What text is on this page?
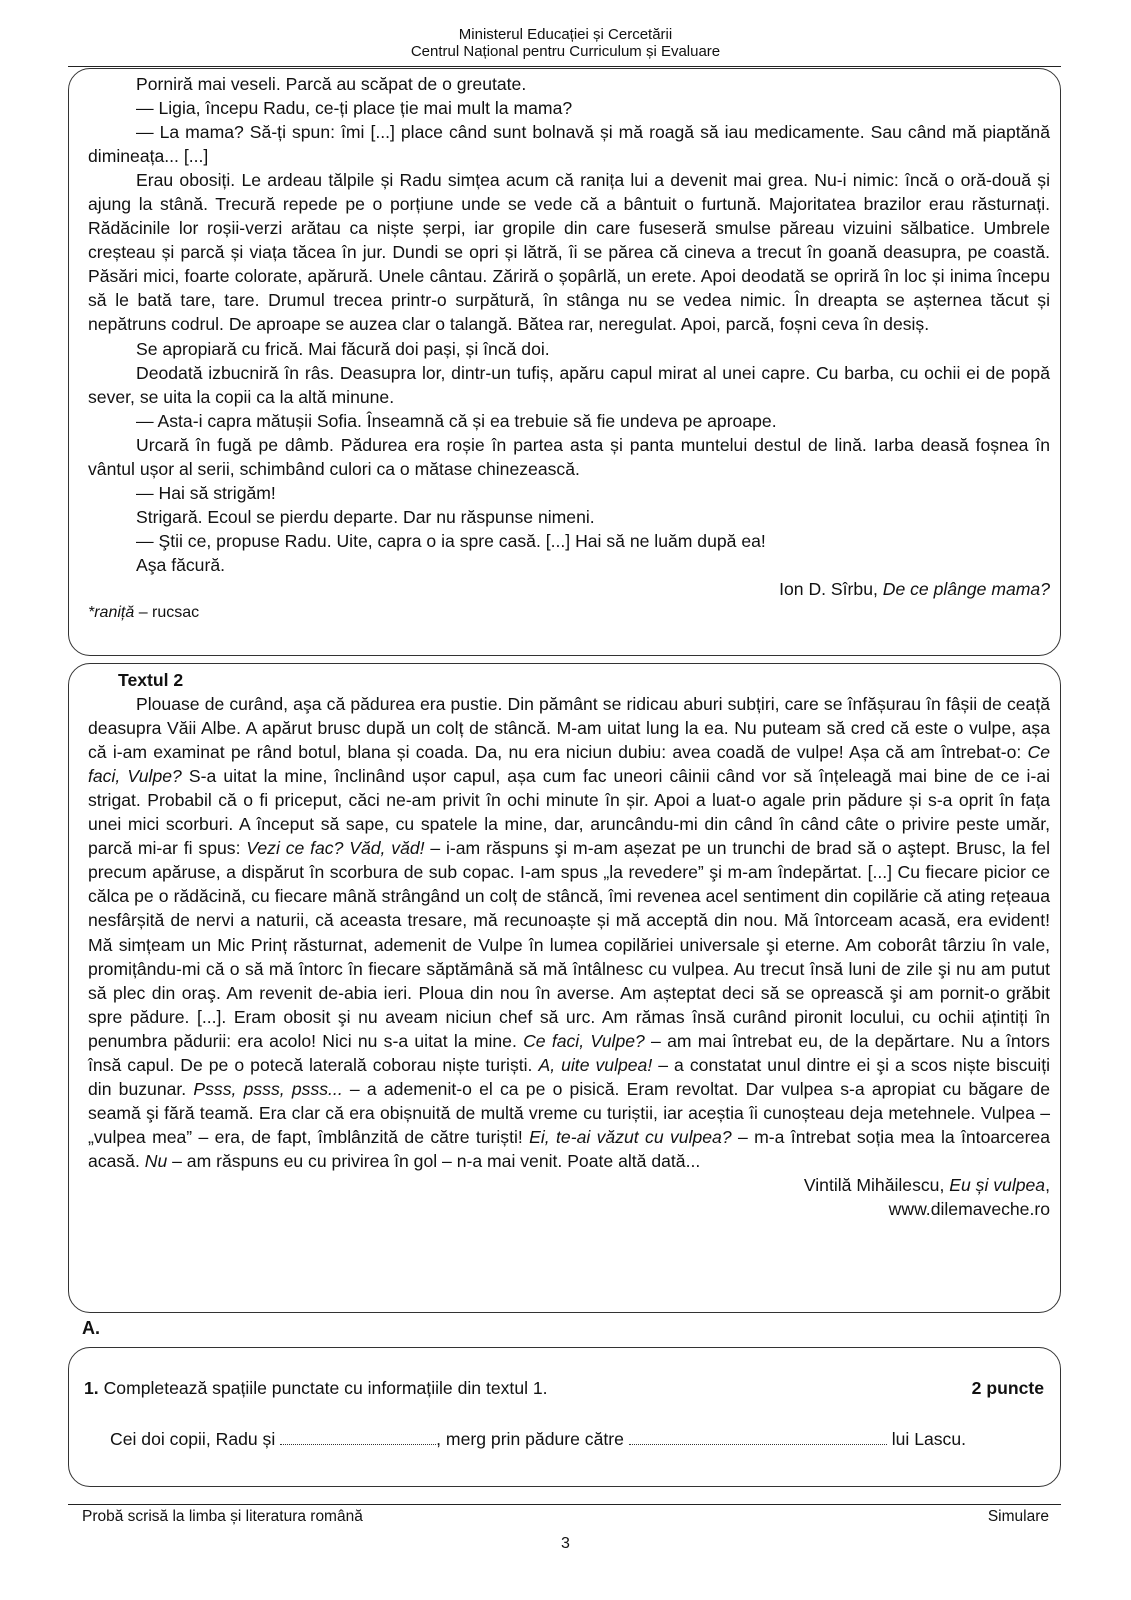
Ministerul Educației și Cercetării
Centrul Național pentru Curriculum și Evaluare

Porniră mai veseli. Parcă au scăpat de o greutate.

— Ligia, începu Radu, ce-ți place ție mai mult la mama?

— La mama? Să-ți spun: îmi [...] place când sunt bolnavă și mă roagă să iau medicamente. Sau când mă piaptănă dimineața... [...]

Erau obosiți. Le ardeau tălpile și Radu simțea acum că ranița lui a devenit mai grea. Nu-i nimic: încă o oră-două și ajung la stână. Trecură repede pe o porțiune unde se vede că a bântuit o furtună. Majoritatea brazilor erau răsturnați. Rădăcinile lor roșii-verzi arătau ca niște șerpi, iar gropile din care fuseseră smulse păreau vizuini sălbatice. Umbrele creșteau și parcă și viața tăcea în jur. Dundi se opri și lătră, îi se părea că cineva a trecut în goană deasupra, pe coastă. Păsări mici, foarte colorate, apărură. Unele cântau. Zăriră o șopârlă, un erete. Apoi deodată se opriră în loc și inima începu să le bată tare, tare. Drumul trecea printr-o surpătură, în stânga nu se vedea nimic. În dreapta se așternea tăcut și nepătruns codrul. De aproape se auzea clar o talangă. Bătea rar, neregulat. Apoi, parcă, foșni ceva în desiș.

Se apropiară cu frică. Mai făcură doi pași, și încă doi.

Deodată izbucniră în râs. Deasupra lor, dintr-un tufiș, apăru capul mirat al unei capre. Cu barba, cu ochii ei de popă sever, se uita la copii ca la altă minune.

— Asta-i capra mătușii Sofia. Înseamnă că și ea trebuie să fie undeva pe aproape.

Urcară în fugă pe dâmb. Pădurea era roșie în partea asta și panta muntelui destul de lină. Iarba deasă foșnea în vântul ușor al serii, schimbând culori ca o mătase chinezească.

— Hai să strigăm!

Strigară. Ecoul se pierdu departe. Dar nu răspunse nimeni.

— Ştii ce, propuse Radu. Uite, capra o ia spre casă. [...] Hai să ne luăm după ea!

Aşa făcură.

Ion D. Sîrbu, De ce plânge mama?

*raniță – rucsac

Textul 2

Plouase de curând, aşa că pădurea era pustie. Din pământ se ridicau aburi subțiri, care se înfășurau în fâșii de ceață deasupra Văii Albe. A apărut brusc după un colț de stâncă. M-am uitat lung la ea. Nu puteam să cred că este o vulpe, așa că i-am examinat pe rând botul, blana și coada. Da, nu era niciun dubiu: avea coadă de vulpe! Așa că am întrebat-o: Ce faci, Vulpe? S-a uitat la mine, înclinând ușor capul, așa cum fac uneori câinii când vor să înțeleagă mai bine de ce i-ai strigat. Probabil că o fi priceput, căci ne-am privit în ochi minute în șir. Apoi a luat-o agale prin pădure și s-a oprit în fața unei mici scorburi. A început să sape, cu spatele la mine, dar, aruncându-mi din când în când câte o privire peste umăr, parcă mi-ar fi spus: Vezi ce fac? Văd, văd! – i-am răspuns şi m-am așezat pe un trunchi de brad să o aştept. Brusc, la fel precum apăruse, a dispărut în scorbura de sub copac. I-am spus „la revedere” şi m-am îndepărtat. [...] Cu fiecare picior ce călca pe o rădăcină, cu fiecare mână strângând un colț de stâncă, îmi revenea acel sentiment din copilărie că ating rețeaua nesfârșită de nervi a naturii, că aceasta tresare, mă recunoaște și mă acceptă din nou. Mă întorceam acasă, era evident! Mă simțeam un Mic Prinț răsturnat, ademenit de Vulpe în lumea copilăriei universale şi eterne. Am coborât târziu în vale, promițându-mi că o să mă întorc în fiecare săptămână să mă întâlnesc cu vulpea. Au trecut însă luni de zile şi nu am putut să plec din oraş. Am revenit de-abia ieri. Ploua din nou în averse. Am așteptat deci să se oprească şi am pornit-o grăbit spre pădure. [...]. Eram obosit şi nu aveam niciun chef să urc. Am rămas însă curând pironit locului, cu ochii ațintiți în penumbra pădurii: era acolo! Nici nu s-a uitat la mine. Ce faci, Vulpe? – am mai întrebat eu, de la depărtare. Nu a întors însă capul. De pe o potecă laterală coborau niște turiști. A, uite vulpea! – a constatat unul dintre ei şi a scos niște biscuiți din buzunar. Psss, psss, psss... – a ademenit-o el ca pe o pisică. Eram revoltat. Dar vulpea s-a apropiat cu băgare de seamă şi fără teamă. Era clar că era obișnuită de multă vreme cu turiștii, iar aceștia îi cunoșteau deja metehnele. Vulpea – „vulpea mea” – era, de fapt, îmblânzită de către turiști! Ei, te-ai văzut cu vulpea? – m-a întrebat soția mea la întoarcerea acasă. Nu – am răspuns eu cu privirea în gol – n-a mai venit. Poate altă dată...

Vintilă Mihăilescu, Eu și vulpea,

www.dilemaveche.ro

A.
1. Completează spațiile punctate cu informațiile din textul 1.	2 puncte
Cei doi copii, Radu și	, merg prin pădure către	lui Lascu.
Probă scrisă la limba și literatura română	Simulare
3
